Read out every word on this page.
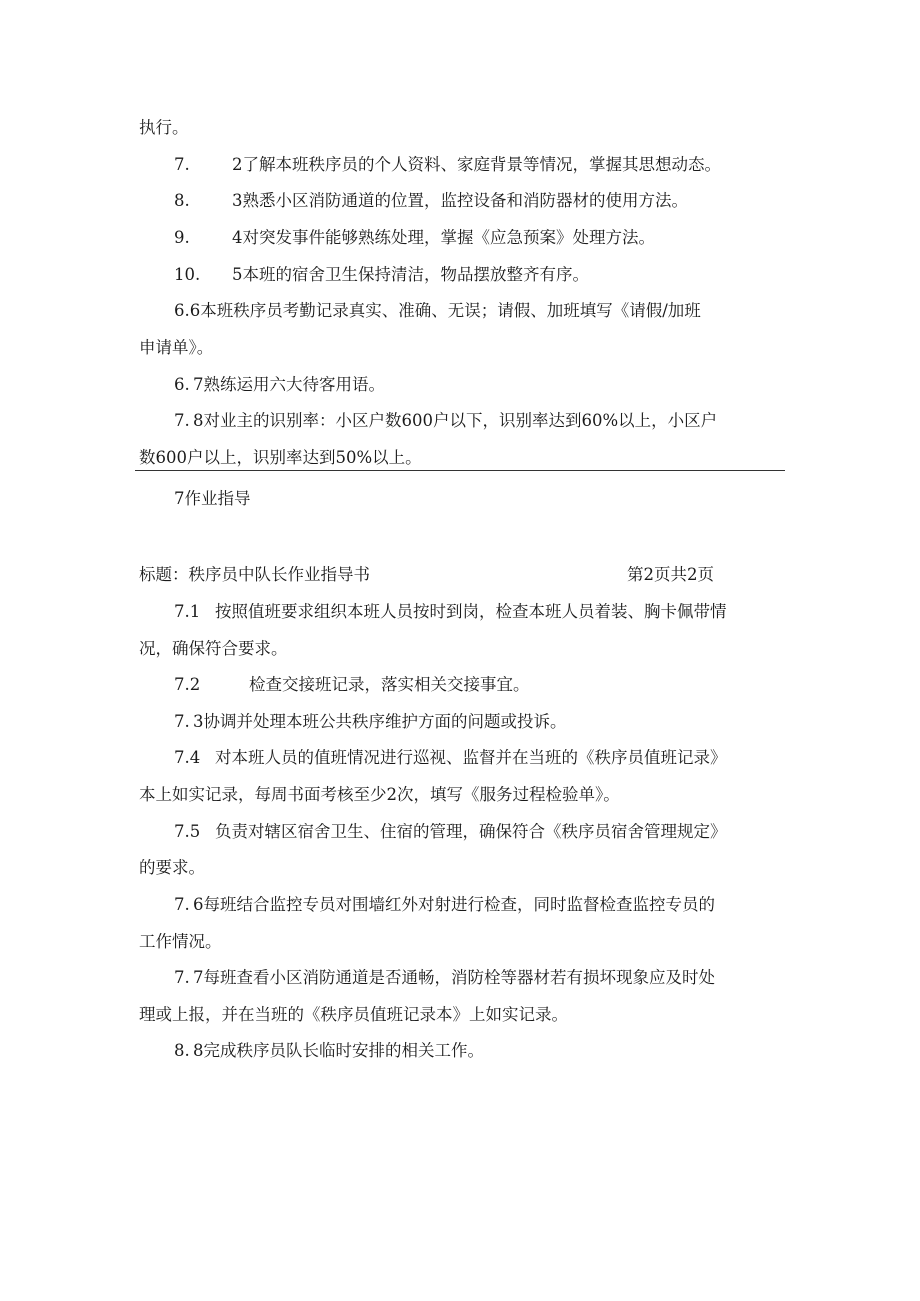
执行。
7.	2了解本班秩序员的个人资料、家庭背景等情况，掌握其思想动态。
8.	3熟悉小区消防通道的位置，监控设备和消防器材的使用方法。
9.	4对突发事件能够熟练处理，掌握《应急预案》处理方法。
10. 5本班的宿舍卫生保持清洁，物品摆放整齐有序。
6.6本班秩序员考勤记录真实、准确、无误；请假、加班填写《请假/加班
申请单》。
6. 7熟练运用六大待客用语。
7. 8对业主的识别率：小区户数600户以下，识别率达到60%以上，小区户
数600户以上，识别率达到50%以上。
7作业指导
标题：秩序员中队长作业指导书	第2页共2页
7.1 按照值班要求组织本班人员按时到岗，检查本班人员着装、胸卡佩带情
况，确保符合要求。
7.2	检查交接班记录，落实相关交接事宜。
7. 3协调并处理本班公共秩序维护方面的问题或投诉。
7.4 对本班人员的值班情况进行巡视、监督并在当班的《秩序员值班记录》
本上如实记录，每周书面考核至少2次，填写《服务过程检验单》。
7.5 负责对辖区宿舍卫生、住宿的管理，确保符合《秩序员宿舍管理规定》
的要求。
7. 6每班结合监控专员对围墙红外对射进行检查，同时监督检查监控专员的
工作情况。
7. 7每班查看小区消防通道是否通畅，消防栓等器材若有损坏现象应及时处
理或上报，并在当班的《秩序员值班记录本》上如实记录。
8. 8完成秩序员队长临时安排的相关工作。
